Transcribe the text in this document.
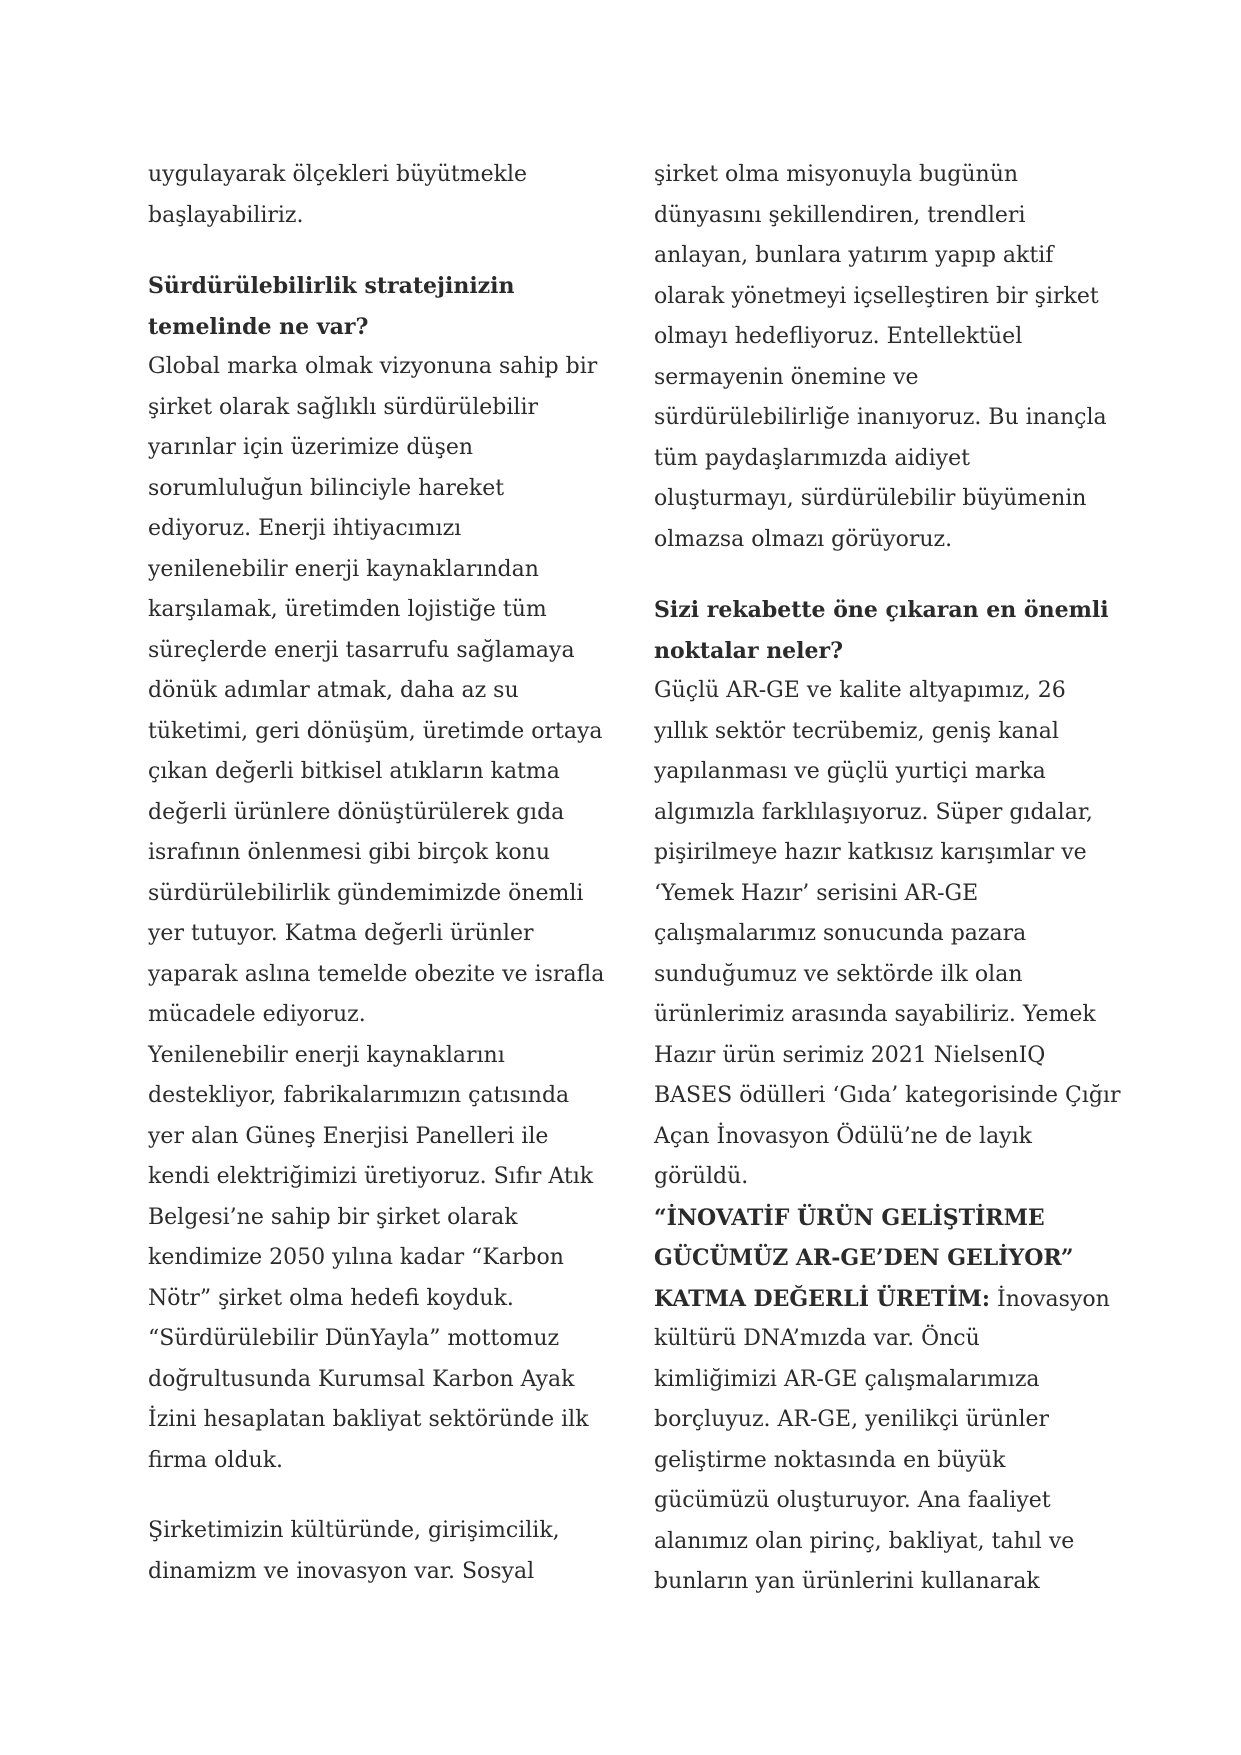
uygulayarak ölçekleri büyütmekle
başlayabiliriz.
Sürdürülebilirlik stratejinizin
temelinde ne var?
Global marka olmak vizyonuna sahip bir
şirket olarak sağlıklı sürdürülebilir
yarınlar için üzerimize düşen
sorumluluğun bilinciyle hareket
ediyoruz. Enerji ihtiyacımızı
yenilenebilir enerji kaynaklarından
karşılamak, üretimden lojistiğe tüm
süreçlerde enerji tasarrufu sağlamaya
dönük adımlar atmak, daha az su
tüketimi, geri dönüşüm, üretimde ortaya
çıkan değerli bitkisel atıkların katma
değerli ürünlere dönüştürülerek gıda
israfının önlenmesi gibi birçok konu
sürdürülebilirlik gündemimizde önemli
yer tutuyor. Katma değerli ürünler
yaparak aslına temelde obezite ve israfla
mücadele ediyoruz.
Yenilenebilir enerji kaynaklarını
destekliyor, fabrikalarımızın çatısında
yer alan Güneş Enerjisi Panelleri ile
kendi elektriğimizi üretiyoruz. Sıfır Atık
Belgesi’ne sahip bir şirket olarak
kendimize 2050 yılına kadar “Karbon
Nötr” şirket olma hedefi koyduk.
“Sürdürülebilir DünYayla” mottomuz
doğrultusunda Kurumsal Karbon Ayak
İzini hesaplatan bakliyat sektöründe ilk
firma olduk.
Şirketimizin kültüründe, girişimcilik,
dinamizm ve inovasyon var. Sosyal
şirket olma misyonuyla bugünün
dünyasını şekillendiren, trendleri
anlayan, bunlara yatırım yapıp aktif
olarak yönetmeyi içselleştiren bir şirket
olmayı hedefliyoruz. Entellektüel
sermayenin önemine ve
sürdürülebilirliğe inanıyoruz. Bu inançla
tüm paydaşlarımızda aidiyet
oluşturmayı, sürdürülebilir büyümenin
olmazsa olmazı görüyoruz.
Sizi rekabette öne çıkaran en önemli
noktalar neler?
Güçlü AR-GE ve kalite altyapımız, 26
yıllık sektör tecrübemiz, geniş kanal
yapılanması ve güçlü yurtiçi marka
algımızla farklılaşıyoruz. Süper gıdalar,
pişirilmeye hazır katkısız karışımlar ve
‘Yemek Hazır’ serisini AR-GE
çalışmalarımız sonucunda pazara
sunduğumuz ve sektörde ilk olan
ürünlerimiz arasında sayabiliriz. Yemek
Hazır ürün serimiz 2021 NielsenIQ
BASES ödülleri ‘Gıda’ kategorisinde Çığır
Açan İnovasyon Ödülü’ne de layık
görüldü.
“İNOVATİF ÜRÜN GELİŞTİRME
GÜCÜMÜZ AR-GE’DEN GELİYOR”
KATMA DEĞERLİ ÜRETİM: İnovasyon
kültürü DNA’mızda var. Öncü
kimliğimizi AR-GE çalışmalarımıza
borçluyuz. AR-GE, yenilikçi ürünler
geliştirme noktasında en büyük
gücümüzü oluşturuyor. Ana faaliyet
alanımız olan pirinç, bakliyat, tahıl ve
bunların yan ürünlerini kullanarak
